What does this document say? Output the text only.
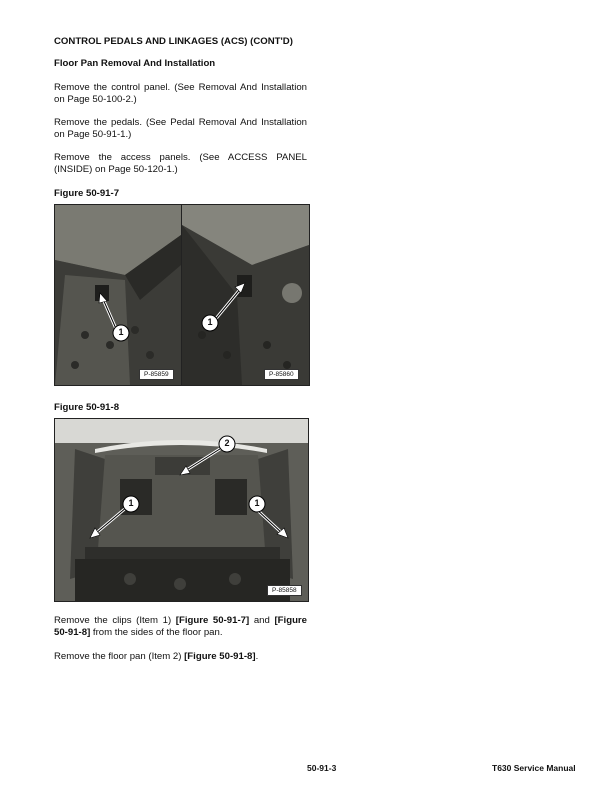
CONTROL PEDALS AND LINKAGES (ACS) (CONT'D)
Floor Pan Removal And Installation
Remove the control panel. (See Removal And Installation on Page 50-100-2.)
Remove the pedals. (See Pedal Removal And Installation on Page 50-91-1.)
Remove the access panels. (See ACCESS PANEL (INSIDE) on Page 50-120-1.)
Figure 50-91-7
1
P-85859
1
P-85860
Figure 50-91-8
2
1	1
P-85858
Remove the clips (Item 1) [Figure 50-91-7] and [Figure 50-91-8] from the sides of the floor pan.
Remove the floor pan (Item 2) [Figure 50-91-8].
50-91-3	T630 Service Manual
